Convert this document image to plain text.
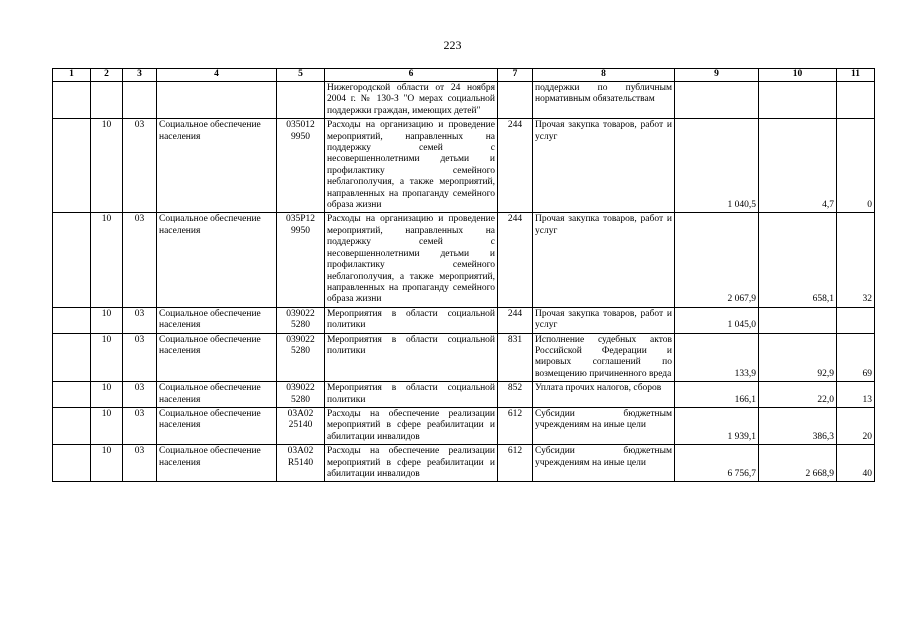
223
1	2	3	4	5	6	7	8	9	10	11
					Нижегородской области от 24 ноября 2004 г. № 130-З "О мерах социальной поддержки граждан, имеющих детей"		поддержки по публичным нормативным обязательствам			
	10	03	Социальное обеспечение населения	035012 9950	Расходы на организацию и проведение мероприятий, направленных на поддержку семей с несовершеннолетними детьми и профилактику семейного неблагополучия, а также мероприятий, направленных на пропаганду семейного образа жизни	244	Прочая закупка товаров, работ и услуг	1 040,5	4,7	0
	10	03	Социальное обеспечение населения	035Р12 9950	Расходы на организацию и проведение мероприятий, направленных на поддержку семей с несовершеннолетними детьми и профилактику семейного неблагополучия, а также мероприятий, направленных на пропаганду семейного образа жизни	244	Прочая закупка товаров, работ и услуг	2 067,9	658,1	32
	10	03	Социальное обеспечение населения	039022 5280	Мероприятия в области социальной политики	244	Прочая закупка товаров, работ и услуг	1 045,0		
	10	03	Социальное обеспечение населения	039022 5280	Мероприятия в области социальной политики	831	Исполнение судебных актов Российской Федерации и мировых соглашений по возмещению причиненного вреда	133,9	92,9	69
	10	03	Социальное обеспечение населения	039022 5280	Мероприятия в области социальной политики	852	Уплата прочих налогов, сборов	166,1	22,0	13
	10	03	Социальное обеспечение населения	03А02 25140	Расходы на обеспечение реализации мероприятий в сфере реабилитации и абилитации инвалидов	612	Субсидии бюджетным учреждениям на иные цели	1 939,1	386,3	20
	10	03	Социальное обеспечение населения	03А02 R5140	Расходы на обеспечение реализации мероприятий в сфере реабилитации и абилитации инвалидов	612	Субсидии бюджетным учреждениям на иные цели	6 756,7	2 668,9	40
